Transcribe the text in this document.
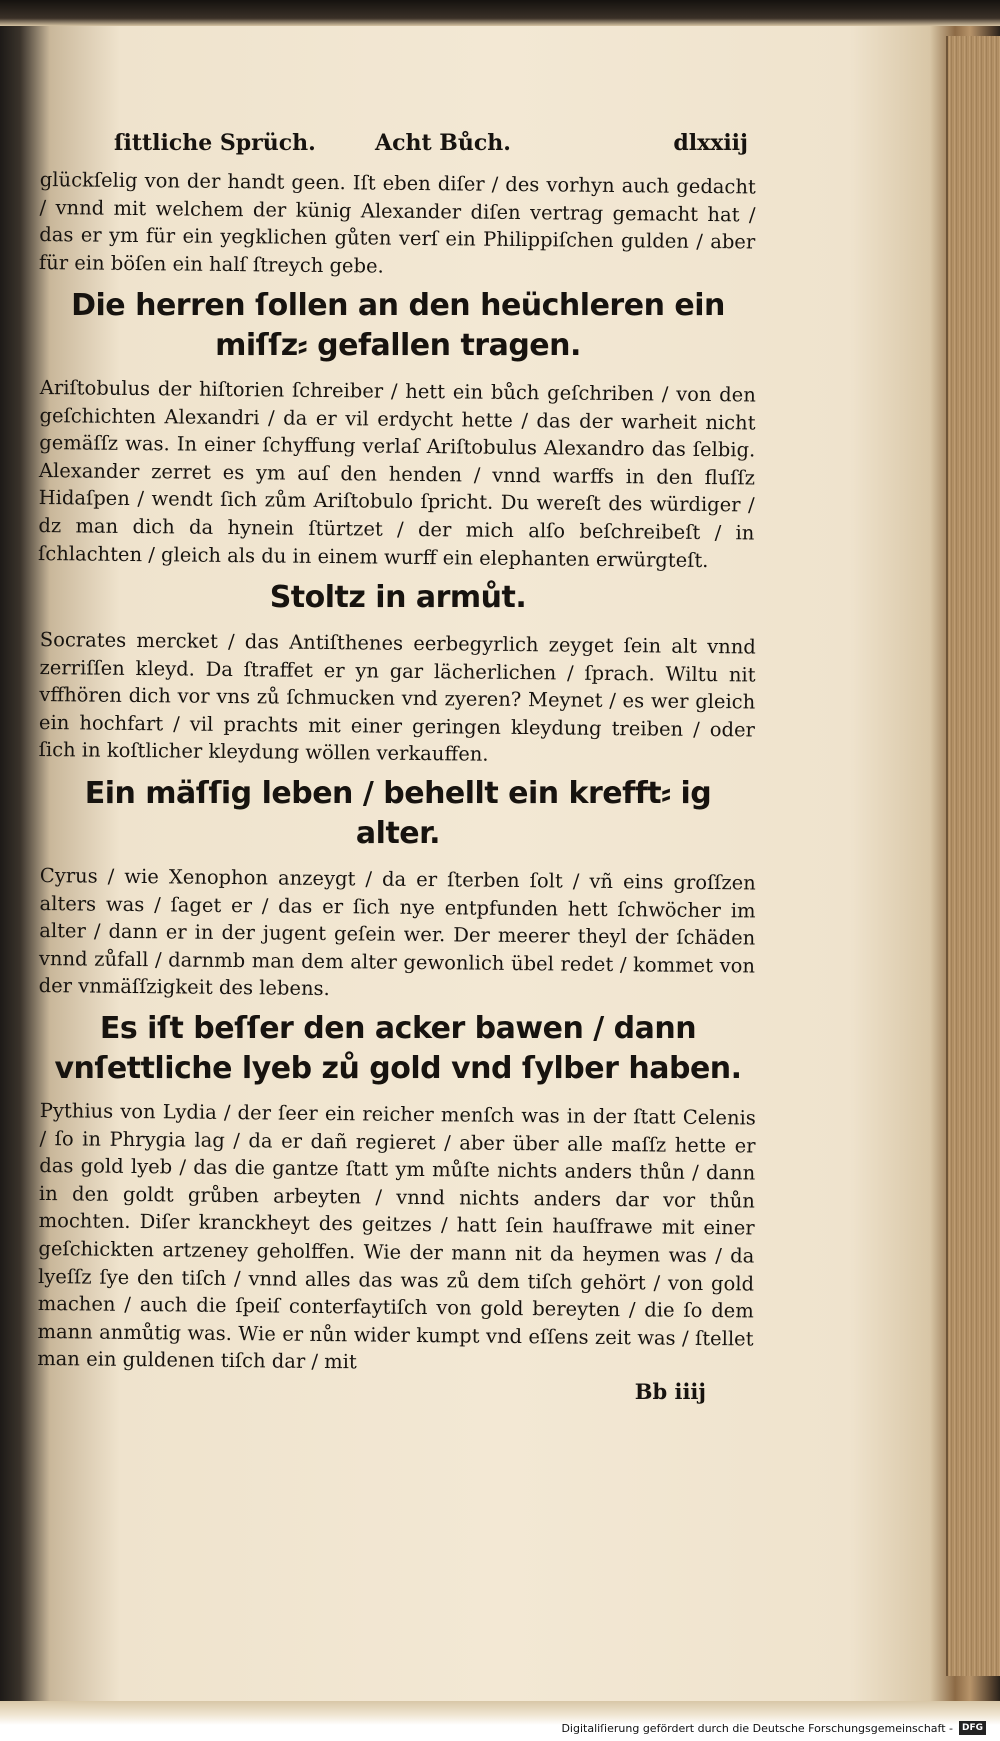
ſittliche Sprüch.	Acht Bůch.	dlxxiij

glückſelig von der handt geen. Iſt eben diſer / des vorhyn auch gedacht / vnnd mit welchem der künig Alexander diſen vertrag gemacht hat / das er ym für ein yegklichen gůten verſ ein Philippiſchen gulden / aber für ein böſen ein halſ ſtreych gebe.

Die herren ſollen an den heüchleren ein miſſz⸗ gefallen tragen.

Ariſtobulus der hiſtorien ſchreiber / hett ein bůch geſchriben / von den geſchichten Alexandri / da er vil erdycht hette / das der warheit nicht gemäſſz was. In einer ſchyffung verlaſ Ariſtobulus Alexandro das ſelbig. Alexander zerret es ym auſ den henden / vnnd warffs in den fluſſz Hidaſpen / wendt ſich zům Ariſtobulo ſpricht. Du wereſt des würdiger / dz man dich da hynein ſtürtzet / der mich alſo beſchreibeſt / in ſchlachten / gleich als du in einem wurff ein elephanten erwürgteſt.

Stoltz in armůt.

Socrates mercket / das Antiſthenes eerbegyrlich zeyget ſein alt vnnd zerriſſen kleyd. Da ſtraffet er yn gar lächerlichen / ſprach. Wiltu nit vffhören dich vor vns zů ſchmucken vnd zyeren? Meynet / es wer gleich ein hochfart / vil prachts mit einer geringen kleydung treiben / oder ſich in koſtlicher kleydung wöllen verkauffen.

Ein mäſſig leben / behellt ein krefft⸗ ig alter.

Cyrus / wie Xenophon anzeygt / da er ſterben ſolt / vñ eins groſſzen alters was / ſaget er / das er ſich nye entpfunden hett ſchwöcher im alter / dann er in der jugent geſein wer. Der meerer theyl der ſchäden vnnd zůfall / darnmb man dem alter gewonlich übel redet / kommet von der vnmäſſzigkeit des lebens.

Es iſt beſſer den acker bawen / dann vnſettliche lyeb zů gold vnd ſylber haben.

Pythius von Lydia / der ſeer ein reicher menſch was in der ſtatt Celenis / ſo in Phrygia lag / da er dañ regieret / aber über alle maſſz hette er das gold lyeb / das die gantze ſtatt ym můſte nichts anders thůn / dann in den goldt grůben arbeyten / vnnd nichts anders dar vor thůn mochten. Diſer kranckheyt des geitzes / hatt ſein hauſfrawe mit einer geſchickten artzeney geholffen. Wie der mann nit da heymen was / da lyeſſz ſye den tiſch / vnnd alles das was zů dem tiſch gehört / von gold machen / auch die ſpeiſ conterfaytiſch von gold bereyten / die ſo dem mann anmůtig was. Wie er nůn wider kumpt vnd eſſens zeit was / ſtellet man ein guldenen tiſch dar / mit

Bb iiij
Digitaliſierung gefördert durch die Deutsche Forschungsgemeinschaft -	DFG
